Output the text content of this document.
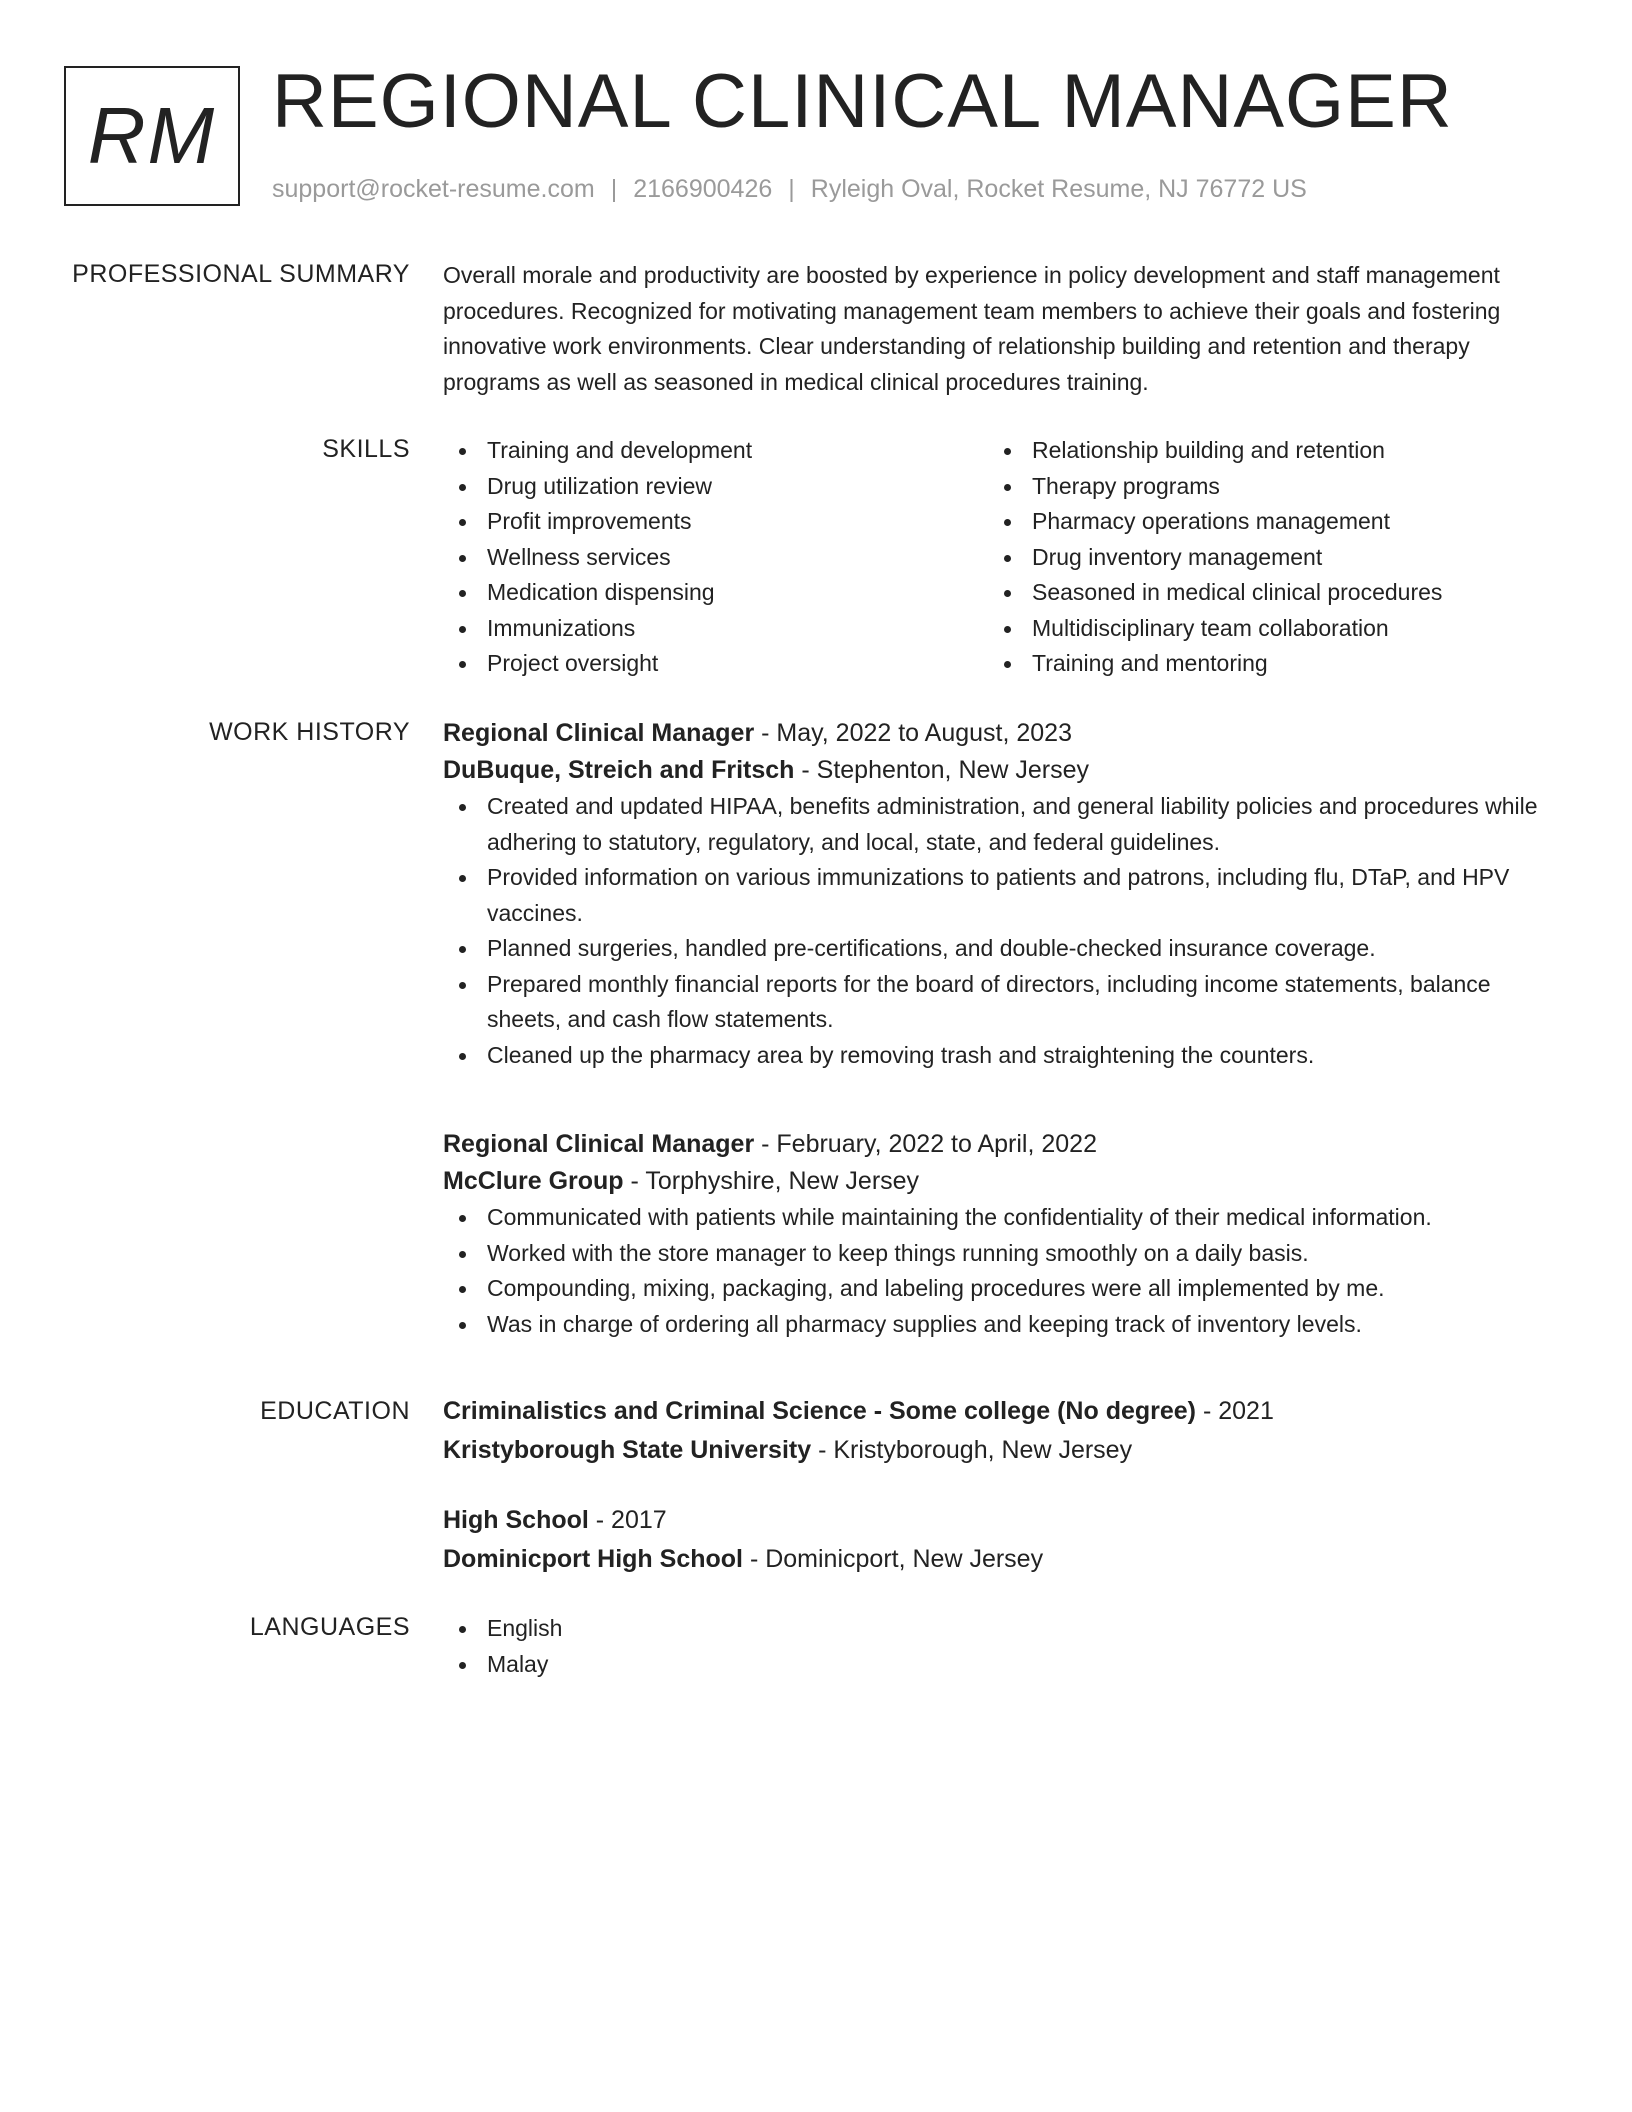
RM REGIONAL CLINICAL MANAGER
support@rocket-resume.com | 2166900426 | Ryleigh Oval, Rocket Resume, NJ 76772 US
PROFESSIONAL SUMMARY Overall morale and productivity are boosted by experience in policy development and staff management procedures. Recognized for motivating management team members to achieve their goals and fostering innovative work environments. Clear understanding of relationship building and retention and therapy programs as well as seasoned in medical clinical procedures training.

SKILLS	Training and development
Drug utilization review
Profit improvements
Wellness services
Medication dispensing
Immunizations
Project oversight
Relationship building and retention
Therapy programs
Pharmacy operations management
Drug inventory management
Seasoned in medical clinical procedures
Multidisciplinary team collaboration
Training and mentoring
WORK HISTORY Regional Clinical Manager - May, 2022 to August, 2023
DuBuque, Streich and Fritsch - Stephenton, New Jersey
Created and updated HIPAA, benefits administration, and general liability policies and procedures while adhering to statutory, regulatory, and local, state, and federal guidelines.
Provided information on various immunizations to patients and patrons, including flu, DTaP, and HPV vaccines.
Planned surgeries, handled pre-certifications, and double-checked insurance coverage.
Prepared monthly financial reports for the board of directors, including income statements, balance sheets, and cash flow statements.
Cleaned up the pharmacy area by removing trash and straightening the counters.
Regional Clinical Manager - February, 2022 to April, 2022
McClure Group - Torphyshire, New Jersey
Communicated with patients while maintaining the confidentiality of their medical information.
Worked with the store manager to keep things running smoothly on a daily basis.
Compounding, mixing, packaging, and labeling procedures were all implemented by me.
Was in charge of ordering all pharmacy supplies and keeping track of inventory levels.
EDUCATION Criminalistics and Criminal Science - Some college (No degree) - 2021
Kristyborough State University - Kristyborough, New Jersey
High School - 2017
Dominicport High School - Dominicport, New Jersey
LANGUAGES	English
Malay
